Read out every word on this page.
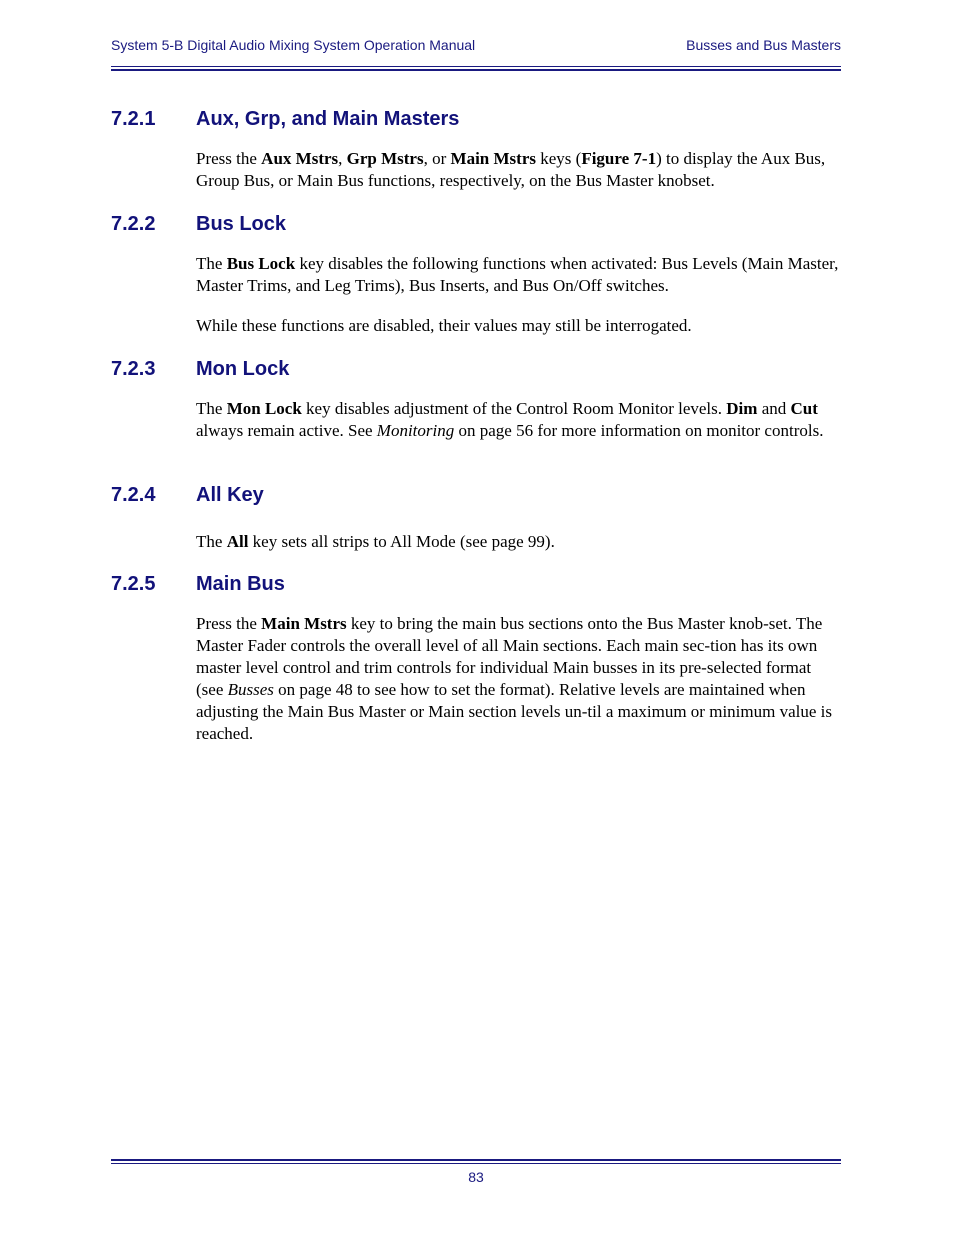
System 5-B Digital Audio Mixing System Operation Manual	Busses and Bus Masters
7.2.1 Aux, Grp, and Main Masters

Press the Aux Mstrs, Grp Mstrs, or Main Mstrs keys (Figure 7-1) to display the Aux Bus, Group Bus, or Main Bus functions, respectively, on the Bus Master knobset.

7.2.2 Bus Lock

The Bus Lock key disables the following functions when activated: Bus Levels (Main Master, Master Trims, and Leg Trims), Bus Inserts, and Bus On/Off switches.

While these functions are disabled, their values may still be interrogated.

7.2.3 Mon Lock

The Mon Lock key disables adjustment of the Control Room Monitor levels. Dim and Cut always remain active. See Monitoring on page 56 for more information on monitor controls.

7.2.4 All Key

The All key sets all strips to All Mode (see page 99).

7.2.5 Main Bus

Press the Main Mstrs key to bring the main bus sections onto the Bus Master knob-set. The Master Fader controls the overall level of all Main sections. Each main sec-tion has its own master level control and trim controls for individual Main busses in its pre-selected format (see Busses on page 48 to see how to set the format). Relative levels are maintained when adjusting the Main Bus Master or Main section levels un-til a maximum or minimum value is reached.

83
